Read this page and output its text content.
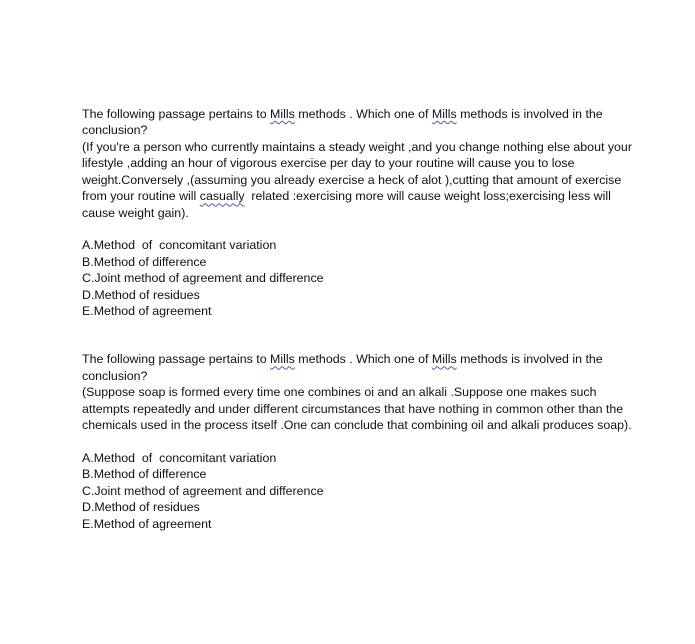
The following passage pertains to Mills methods . Which one of Mills methods is involved in the conclusion?

(If you're a person who currently maintains a steady weight ,and you change nothing else about your lifestyle ,adding an hour of vigorous exercise per day to your routine will cause you to lose weight.Conversely ,(assuming you already exercise a heck of alot ),cutting that amount of exercise from your routine will casually  related :exercising more will cause weight loss;exercising less will cause weight gain).

A.Method  of  concomitant variation
B.Method of difference
C.Joint method of agreement and difference
D.Method of residues
E.Method of agreement

The following passage pertains to Mills methods . Which one of Mills methods is involved in the conclusion?

(Suppose soap is formed every time one combines oi and an alkali .Suppose one makes such attempts repeatedly and under different circumstances that have nothing in common other than the chemicals used in the process itself .One can conclude that combining oil and alkali produces soap).

A.Method  of  concomitant variation
B.Method of difference
C.Joint method of agreement and difference
D.Method of residues
E.Method of agreement
